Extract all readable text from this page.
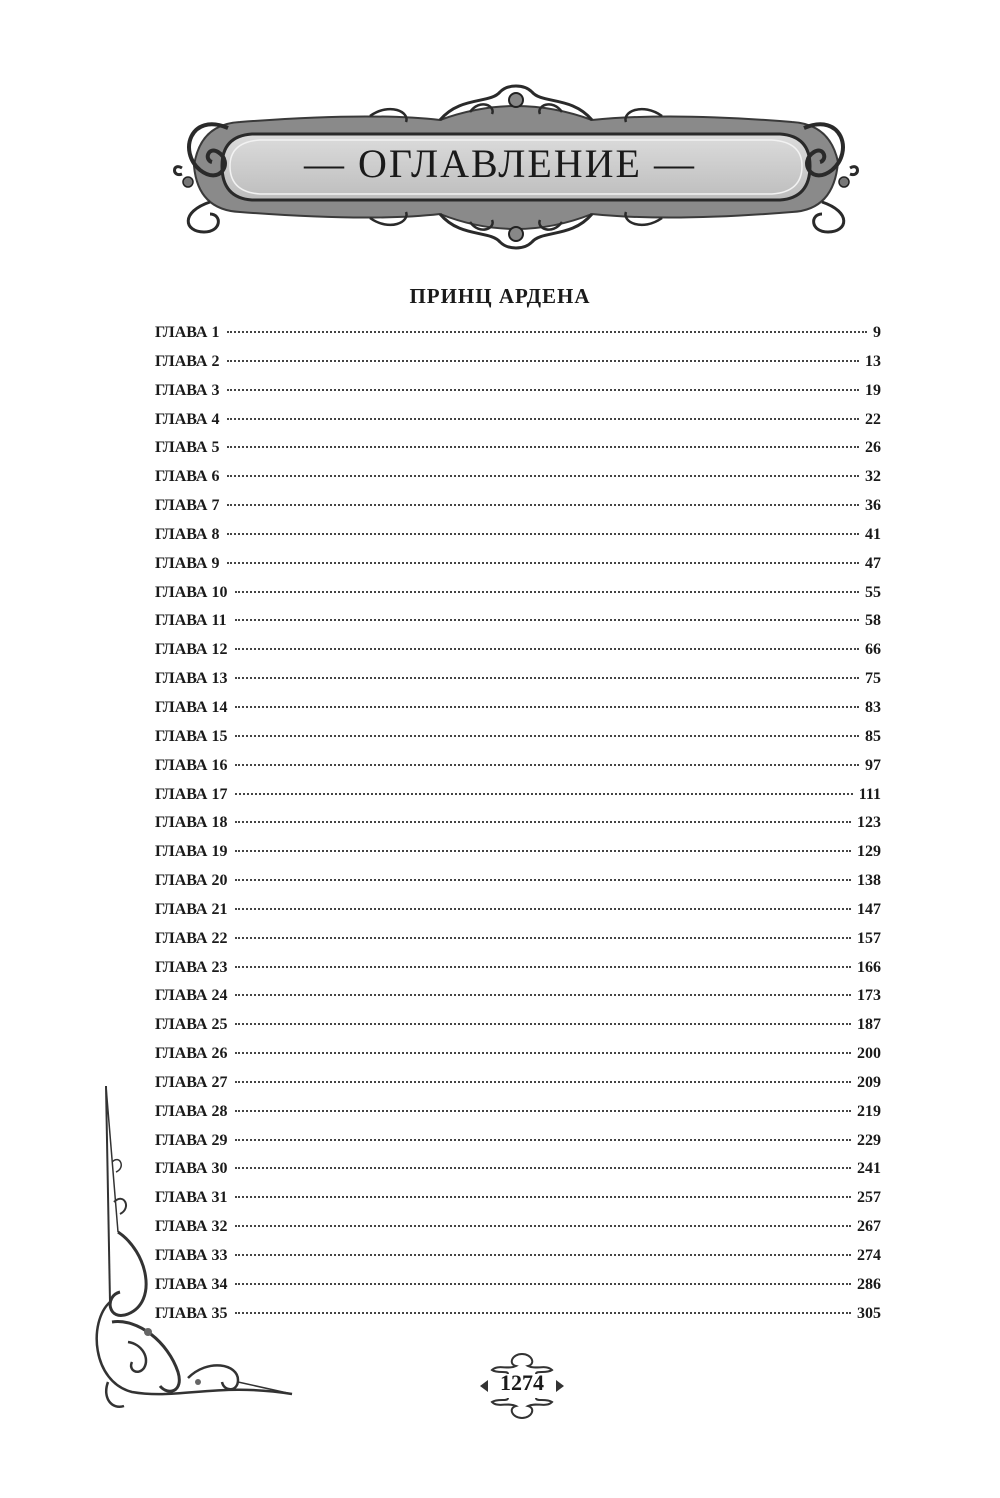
— ОГЛАВЛЕНИЕ —
ПРИНЦ АРДЕНА
ГЛАВА 1	9
ГЛАВА 2	13
ГЛАВА 3	19
ГЛАВА 4	22
ГЛАВА 5	26
ГЛАВА 6	32
ГЛАВА 7	36
ГЛАВА 8	41
ГЛАВА 9	47
ГЛАВА 10	55
ГЛАВА 11	58
ГЛАВА 12	66
ГЛАВА 13	75
ГЛАВА 14	83
ГЛАВА 15	85
ГЛАВА 16	97
ГЛАВА 17	111
ГЛАВА 18	123
ГЛАВА 19	129
ГЛАВА 20	138
ГЛАВА 21	147
ГЛАВА 22	157
ГЛАВА 23	166
ГЛАВА 24	173
ГЛАВА 25	187
ГЛАВА 26	200
ГЛАВА 27	209
ГЛАВА 28	219
ГЛАВА 29	229
ГЛАВА 30	241
ГЛАВА 31	257
ГЛАВА 32	267
ГЛАВА 33	274
ГЛАВА 34	286
ГЛАВА 35	305
1274
